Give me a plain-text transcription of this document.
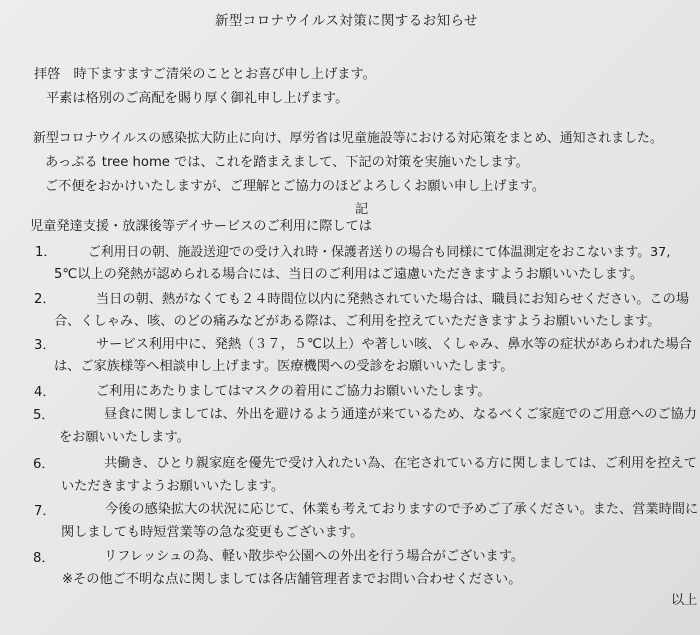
新型コロナウイルス対策に関するお知らせ
拝啓　時下ますますご清栄のこととお喜び申し上げます。
平素は格別のご高配を賜り厚く御礼申し上げます。
新型コロナウイルスの感染拡大防止に向け、厚労省は児童施設等における対応策をまとめ、通知されました。
あっぷる tree home では、これを踏まえまして、下記の対策を実施いたします。
ご不便をおかけいたしますが、ご理解とご協力のほどよろしくお願い申し上げます。
記
児童発達支援・放課後等デイサービスのご利用に際しては
1． ご利用日の朝、施設送迎での受け入れ時・保護者送りの場合も同様にて体温測定をおこないます。37,
5℃以上の発熱が認められる場合には、当日のご利用はご遠慮いただきますようお願いいたします。
2．	当日の朝、熱がなくても２４時間位以内に発熱されていた場合は、職員にお知らせください。この場
合、くしゃみ、咳、のどの痛みなどがある際は、ご利用を控えていただきますようお願いいたします。
3．	サービス利用中に、発熱（３７，５℃以上）や著しい咳、くしゃみ、鼻水等の症状があらわれた場合
は、ご家族様等へ相談申し上げます。医療機関への受診をお願いいたします。
4．	ご利用にあたりましてはマスクの着用にご協力お願いいたします。
5．	昼食に関しましては、外出を避けるよう通達が来ているため、なるべくご家庭でのご用意へのご協力
をお願いいたします。
6．	共働き、ひとり親家庭を優先で受け入れたい為、在宅されている方に関しましては、ご利用を控えて
いただきますようお願いいたします。
7．	今後の感染拡大の状況に応じて、休業も考えておりますので予めご了承ください。また、営業時間に
関しましても時短営業等の急な変更もございます。
8．	リフレッシュの為、軽い散歩や公園への外出を行う場合がございます。
※その他ご不明な点に関しましては各店舗管理者までお問い合わせください。
以上
